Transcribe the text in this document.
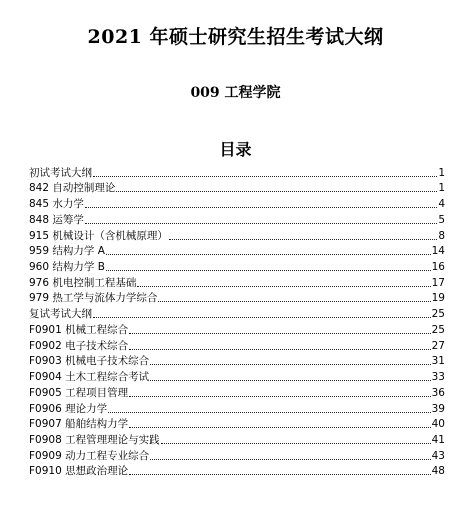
2021 年硕士研究生招生考试大纲
009 工程学院
目录
初试考试大纲	1
842 自动控制理论	1
845 水力学	4
848 运筹学	5
915 机械设计（含机械原理）	8
959 结构力学 A	14
960 结构力学 B	16
976 机电控制工程基础	17
979 热工学与流体力学综合	19
复试考试大纲	25
F0901 机械工程综合	25
F0902 电子技术综合	27
F0903 机械电子技术综合	31
F0904 土木工程综合考试	33
F0905 工程项目管理	36
F0906 理论力学	39
F0907 船舶结构力学	40
F0908 工程管理理论与实践	41
F0909 动力工程专业综合	43
F0910 思想政治理论	48
